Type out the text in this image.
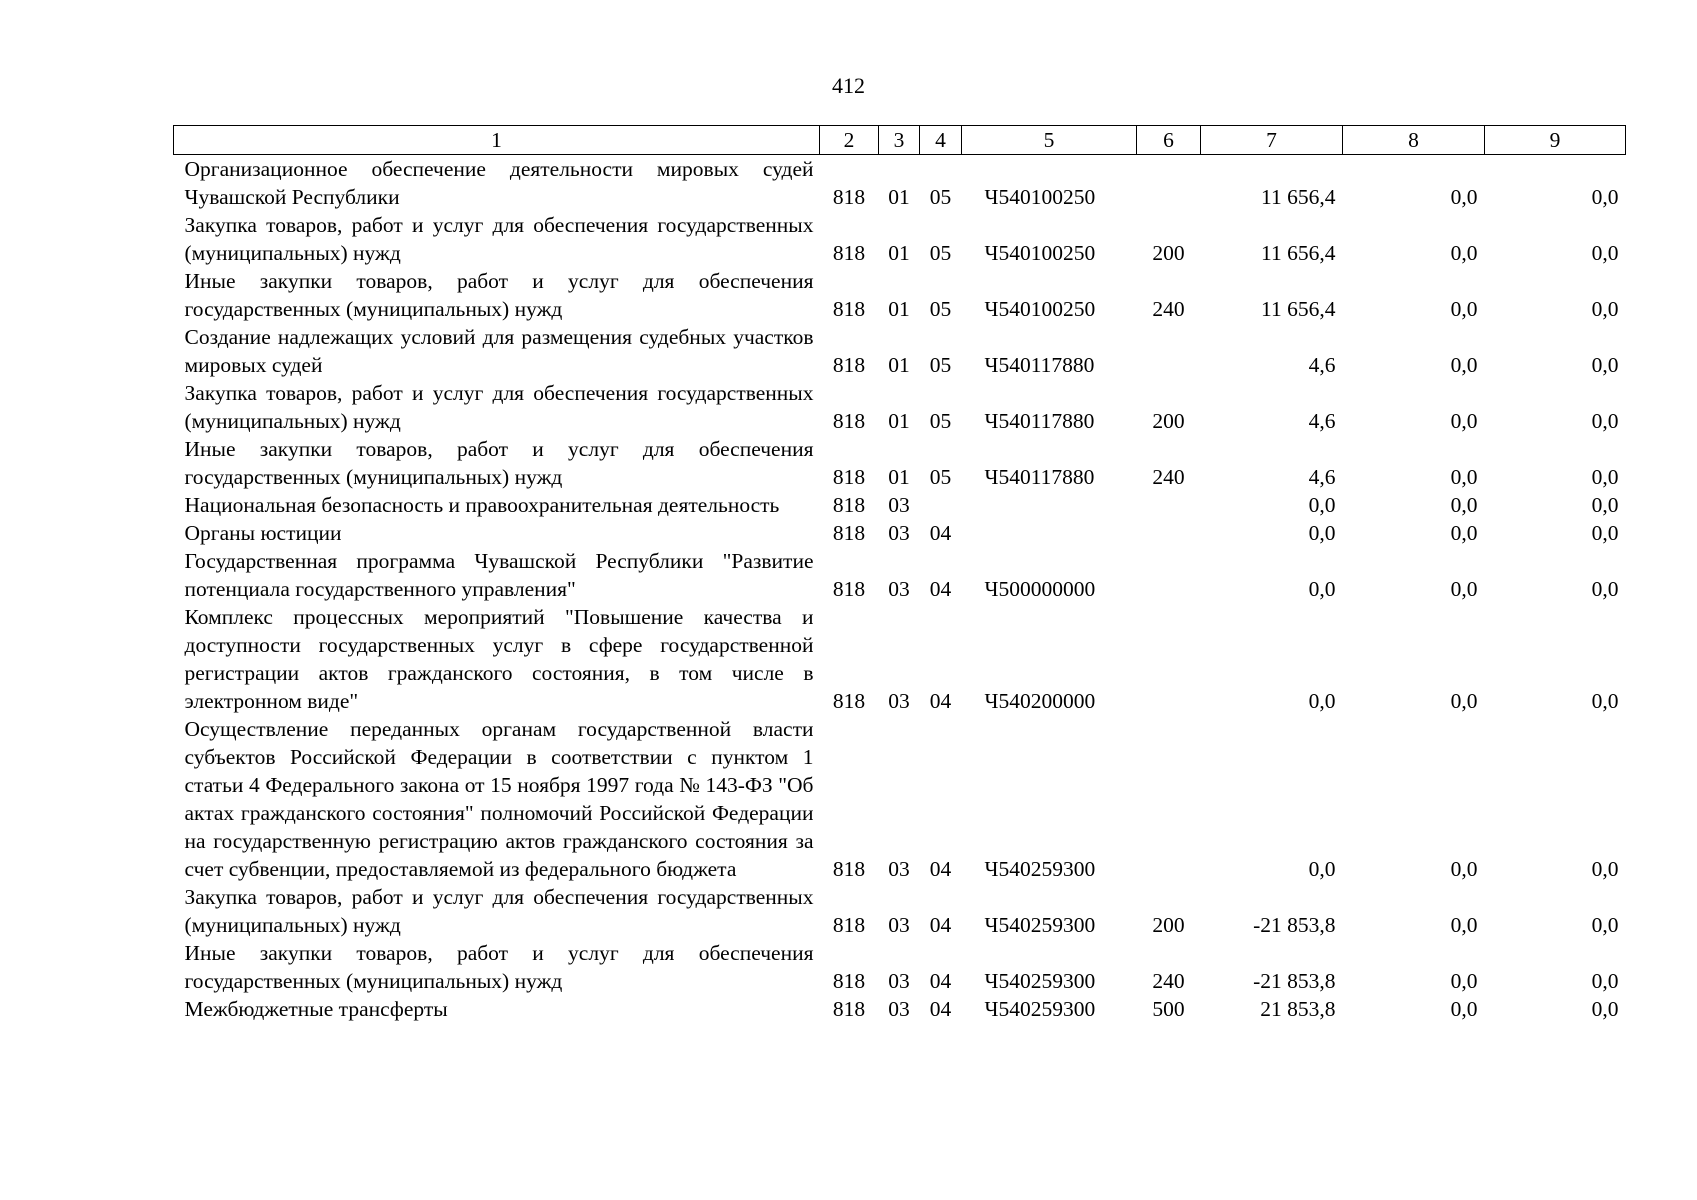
412
1	2	3	4	5	6	7	8	9
Организационное обеспечение деятельности мировых судей Чувашской Республики	818	01	05	Ч540100250		11 656,4	0,0	0,0
Закупка товаров, работ и услуг для обеспечения государственных (муниципальных) нужд	818	01	05	Ч540100250	200	11 656,4	0,0	0,0
Иные закупки товаров, работ и услуг для обеспечения государственных (муниципальных) нужд	818	01	05	Ч540100250	240	11 656,4	0,0	0,0
Создание надлежащих условий для размещения судебных участков мировых судей	818	01	05	Ч540117880		4,6	0,0	0,0
Закупка товаров, работ и услуг для обеспечения государственных (муниципальных) нужд	818	01	05	Ч540117880	200	4,6	0,0	0,0
Иные закупки товаров, работ и услуг для обеспечения государственных (муниципальных) нужд	818	01	05	Ч540117880	240	4,6	0,0	0,0
Национальная безопасность и правоохранительная деятельность	818	03				0,0	0,0	0,0
Органы юстиции	818	03	04			0,0	0,0	0,0
Государственная программа Чувашской Республики "Развитие потенциала государственного управления"	818	03	04	Ч500000000		0,0	0,0	0,0
Комплекс процессных мероприятий "Повышение качества и доступности государственных услуг в сфере государственной регистрации актов гражданского состояния, в том числе в электронном виде"	818	03	04	Ч540200000		0,0	0,0	0,0
Осуществление переданных органам государственной власти субъектов Российской Федерации в соответствии с пунктом 1 статьи 4 Федерального закона от 15 ноября 1997 года № 143-ФЗ "Об актах гражданского состояния" полномочий Российской Федерации на государственную регистрацию актов гражданского состояния за счет субвенции, предоставляемой из федерального бюджета	818	03	04	Ч540259300		0,0	0,0	0,0
Закупка товаров, работ и услуг для обеспечения государственных (муниципальных) нужд	818	03	04	Ч540259300	200	-21 853,8	0,0	0,0
Иные закупки товаров, работ и услуг для обеспечения государственных (муниципальных) нужд	818	03	04	Ч540259300	240	-21 853,8	0,0	0,0
Межбюджетные трансферты	818	03	04	Ч540259300	500	21 853,8	0,0	0,0
